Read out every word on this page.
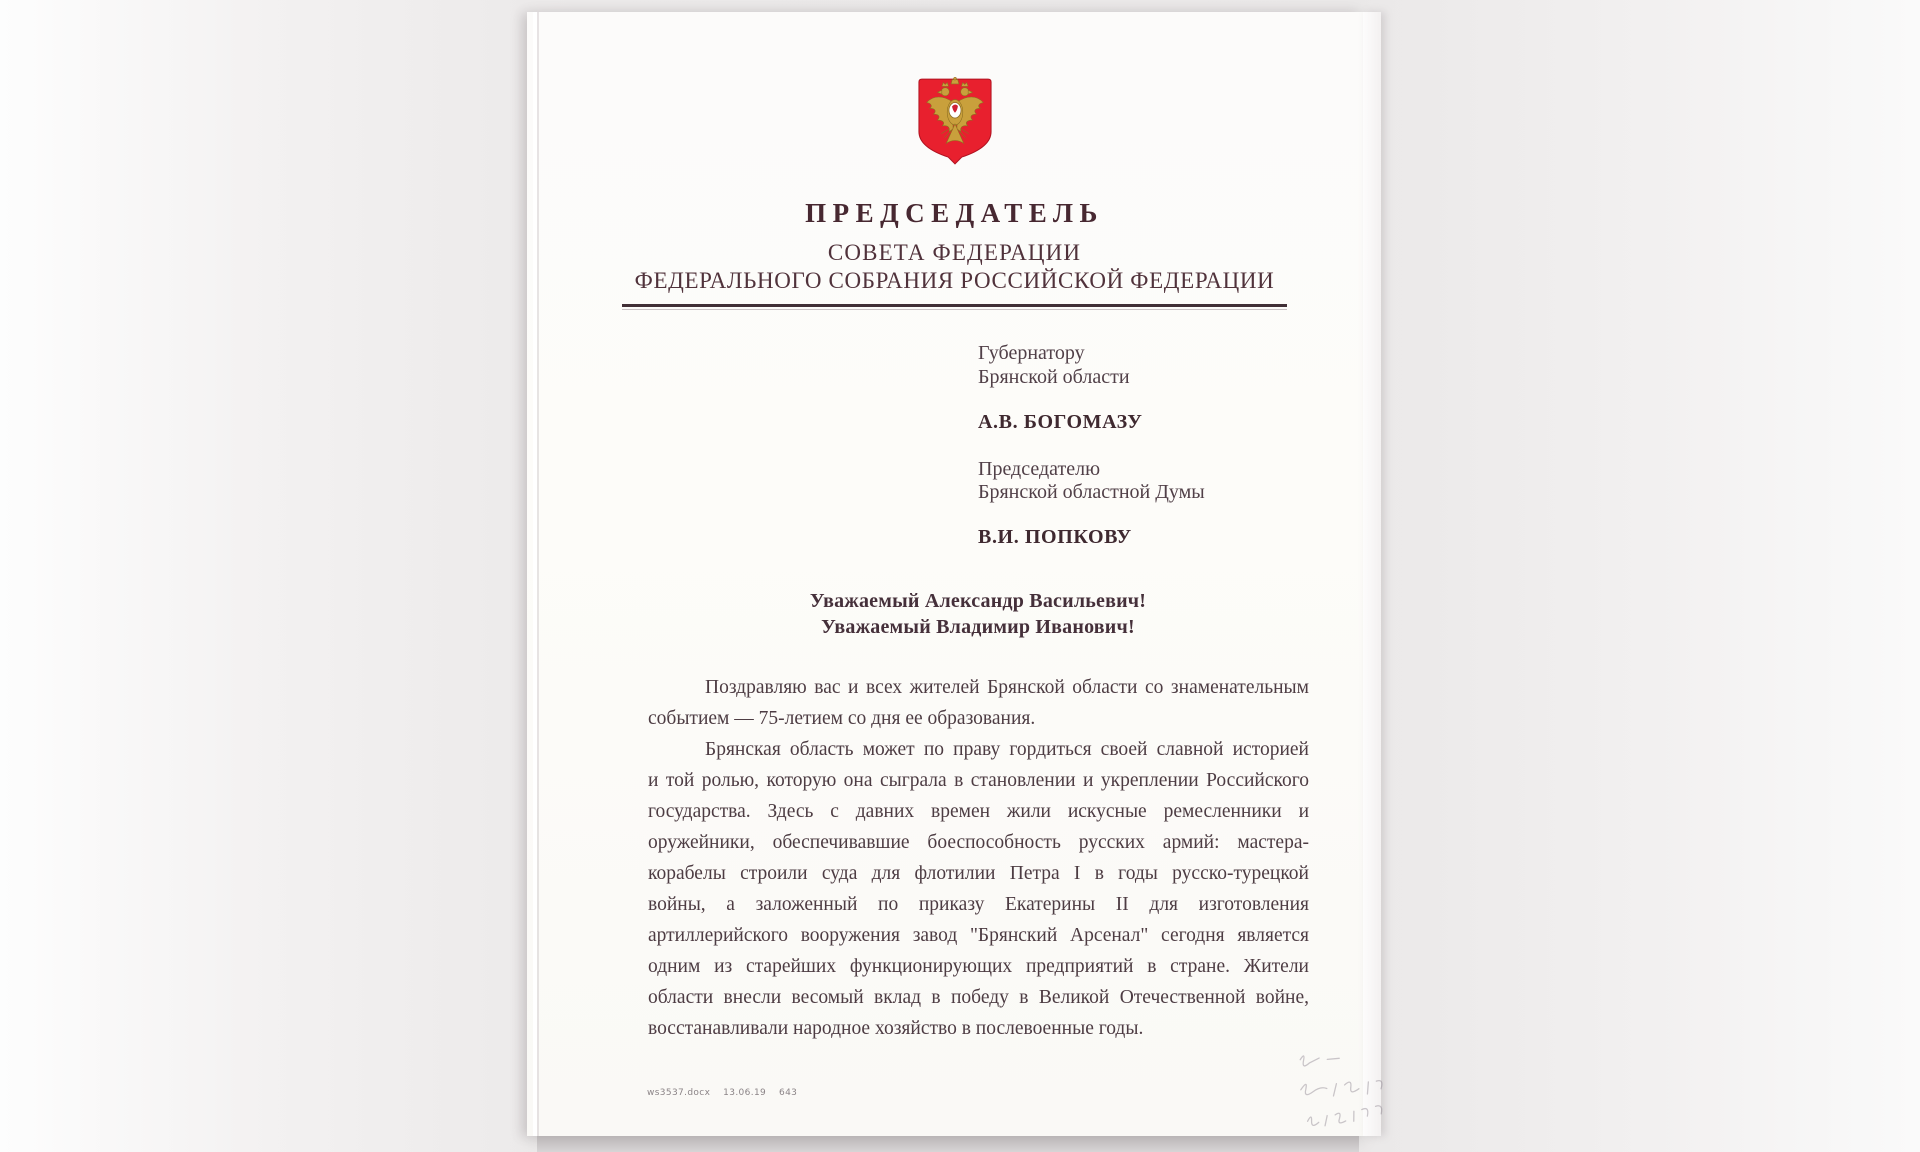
ПРЕДСЕДАТЕЛЬ
СОВЕТА ФЕДЕРАЦИИ
ФЕДЕРАЛЬНОГО СОБРАНИЯ РОССИЙСКОЙ ФЕДЕРАЦИИ
Губернатору
Брянской области
А.В. БОГОМАЗУ
Председателю
Брянской областной Думы
В.И. ПОПКОВУ
Уважаемый Александр Васильевич!
Уважаемый Владимир Иванович!
Поздравляю вас и всех жителей Брянской области со знаменательным
событием — 75-летием со дня ее образования.
Брянская область может по праву гордиться своей славной историей
и той ролью, которую она сыграла в становлении и укреплении Российского
государства. Здесь с давних времен жили искусные ремесленники и
оружейники, обеспечивавшие боеспособность русских армий: мастера-
корабелы строили суда для флотилии Петра I в годы русско-турецкой
войны, а заложенный по приказу Екатерины II для изготовления
артиллерийского вооружения завод "Брянский Арсенал" сегодня является
одним из старейших функционирующих предприятий в стране. Жители
области внесли весомый вклад в победу в Великой Отечественной войне,
восстанавливали народное хозяйство в послевоенные годы.
ws3537.docx    13.06.19    643
